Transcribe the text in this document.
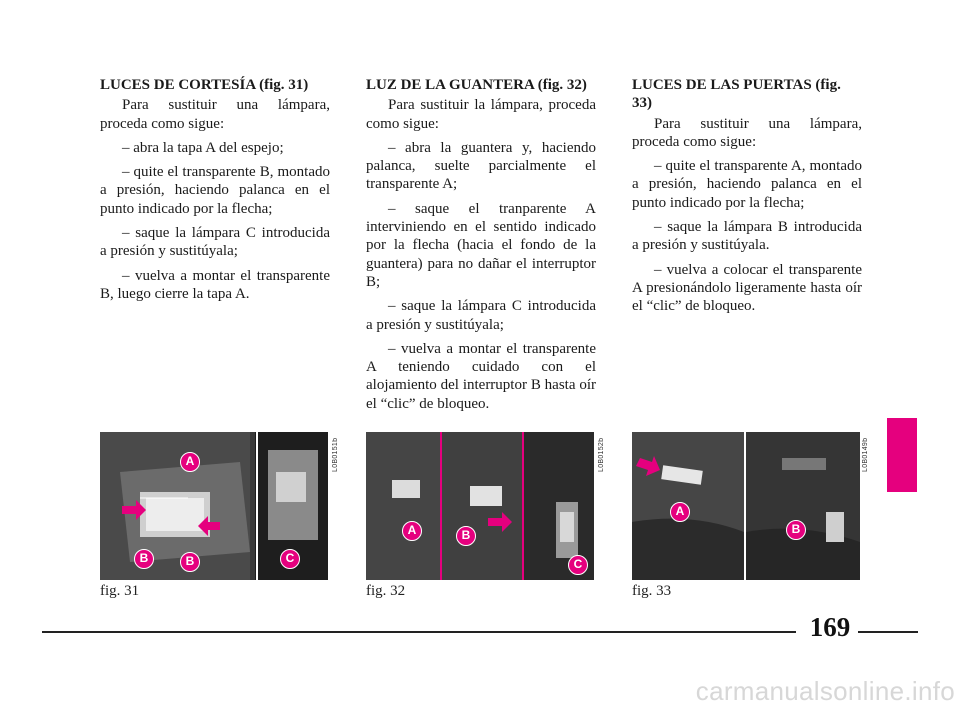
LUCES DE CORTESÍA (fig. 31)

Para sustituir una lámpara, proceda como sigue:

– abra la tapa A del espejo;

– quite el transparente B, montado a presión, haciendo palanca en el punto indicado por la flecha;

– saque la lámpara C introducida a presión y sustitúyala;

– vuelva a montar el transparente B, luego cierre la tapa A.

LUZ DE LA GUANTERA (fig. 32)

Para sustituir la lámpara, proceda como sigue:

– abra la guantera y, haciendo palanca, suelte parcialmente el transparente A;

– saque el tranparente A interviniendo en el sentido indicado por la flecha (hacia el fondo de la guantera) para no dañar el interruptor B;

– saque la lámpara C introducida a presión y sustitúyala;

– vuelva a montar el transparente A teniendo cuidado con el alojamiento del interruptor B hasta oír el “clic” de bloqueo.

LUCES DE LAS PUERTAS (fig. 33)

Para sustituir una lámpara, proceda como sigue:

– quite el transparente A, montado a presión, haciendo palanca en el punto indicado por la flecha;

– saque la lámpara B introducida a presión y sustitúyala.

– vuelva a colocar el transparente A presionándolo ligeramente hasta oír el “clic” de bloqueo.

L0B0151b
fig. 31
L0B0152b
fig. 32
L0B0149b
fig. 33
A
B	B	C
A	B
C
A
B
169
carmanualsonline.info
